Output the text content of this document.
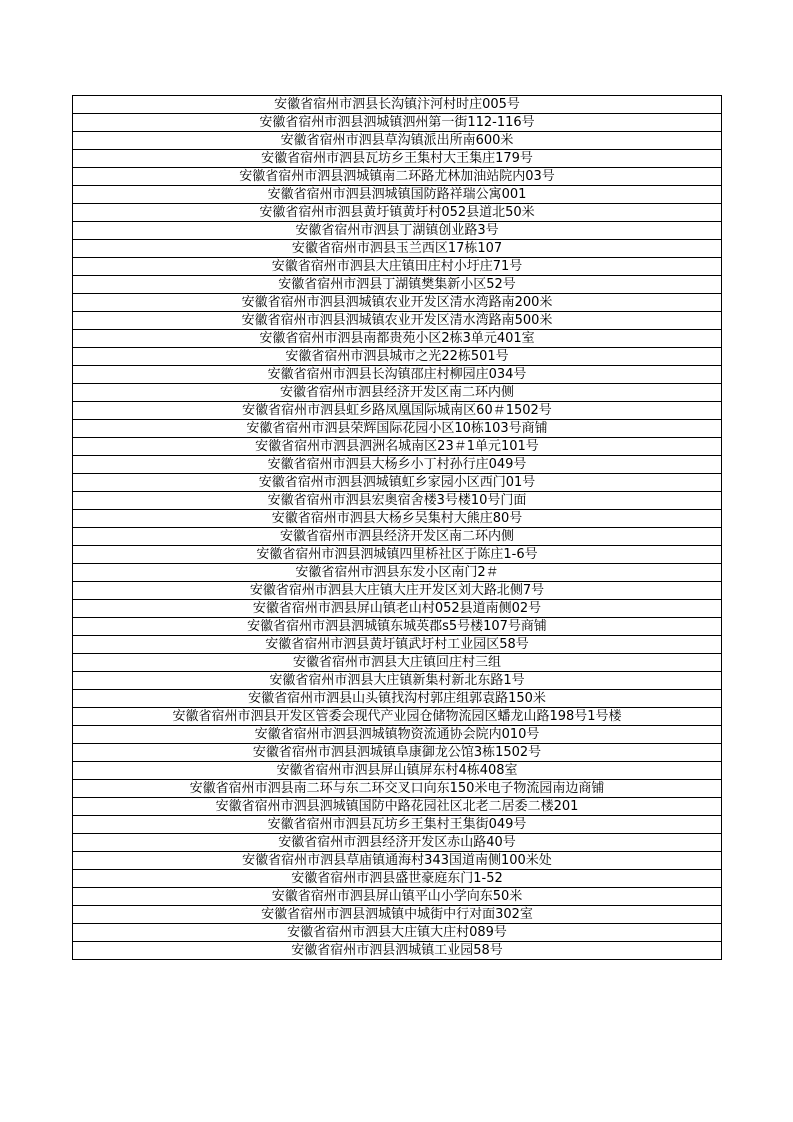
安徽省宿州市泗县长沟镇汴河村时庄005号
安徽省宿州市泗县泗城镇泗州第一街112-116号
安徽省宿州市泗县草沟镇派出所南600米
安徽省宿州市泗县瓦坊乡王集村大王集庄179号
安徽省宿州市泗县泗城镇南二环路尤林加油站院内03号
安徽省宿州市泗县泗城镇国防路祥瑞公寓001
安徽省宿州市泗县黄圩镇黄圩村052县道北50米
安徽省宿州市泗县丁湖镇创业路3号
安徽省宿州市泗县玉兰西区17栋107
安徽省宿州市泗县大庄镇田庄村小圩庄71号
安徽省宿州市泗县丁湖镇樊集新小区52号
安徽省宿州市泗县泗城镇农业开发区清水湾路南200米
安徽省宿州市泗县泗城镇农业开发区清水湾路南500米
安徽省宿州市泗县南都贵苑小区2栋3单元401室
安徽省宿州市泗县城市之光22栋501号
安徽省宿州市泗县长沟镇邵庄村柳园庄034号
安徽省宿州市泗县经济开发区南二环内侧
安徽省宿州市泗县虹乡路凤凰国际城南区60＃1502号
安徽省宿州市泗县荣辉国际花园小区10栋103号商铺
安徽省宿州市泗县泗洲名城南区23＃1单元101号
安徽省宿州市泗县大杨乡小丁村孙行庄049号
安徽省宿州市泗县泗城镇虹乡家园小区西门01号
安徽省宿州市泗县宏奥宿舍楼3号楼10号门面
安徽省宿州市泗县大杨乡吴集村大熊庄80号
安徽省宿州市泗县经济开发区南二环内侧
安徽省宿州市泗县泗城镇四里桥社区于陈庄1-6号
安徽省宿州市泗县东发小区南门2＃
安徽省宿州市泗县大庄镇大庄开发区刘大路北侧7号
安徽省宿州市泗县屏山镇老山村052县道南侧02号
安徽省宿州市泗县泗城镇东城英郡s5号楼107号商铺
安徽省宿州市泗县黄圩镇武圩村工业园区58号
安徽省宿州市泗县大庄镇回庄村三组
安徽省宿州市泗县大庄镇新集村新北东路1号
安徽省宿州市泗县山头镇找沟村郭庄组郭袁路150米
安徽省宿州市泗县开发区管委会现代产业园仓储物流园区蟠龙山路198号1号楼
安徽省宿州市泗县泗城镇物资流通协会院内010号
安徽省宿州市泗县泗城镇阜康御龙公馆3栋1502号
安徽省宿州市泗县屏山镇屏东村4栋408室
安徽省宿州市泗县南二环与东二环交叉口向东150米电子物流园南边商铺
安徽省宿州市泗县泗城镇国防中路花园社区北老二居委二楼201
安徽省宿州市泗县瓦坊乡王集村王集街049号
安徽省宿州市泗县经济开发区赤山路40号
安徽省宿州市泗县草庙镇通海村343国道南侧100米处
安徽省宿州市泗县盛世豪庭东门1-52
安徽省宿州市泗县屏山镇平山小学向东50米
安徽省宿州市泗县泗城镇中城街中行对面302室
安徽省宿州市泗县大庄镇大庄村089号
安徽省宿州市泗县泗城镇工业园58号
